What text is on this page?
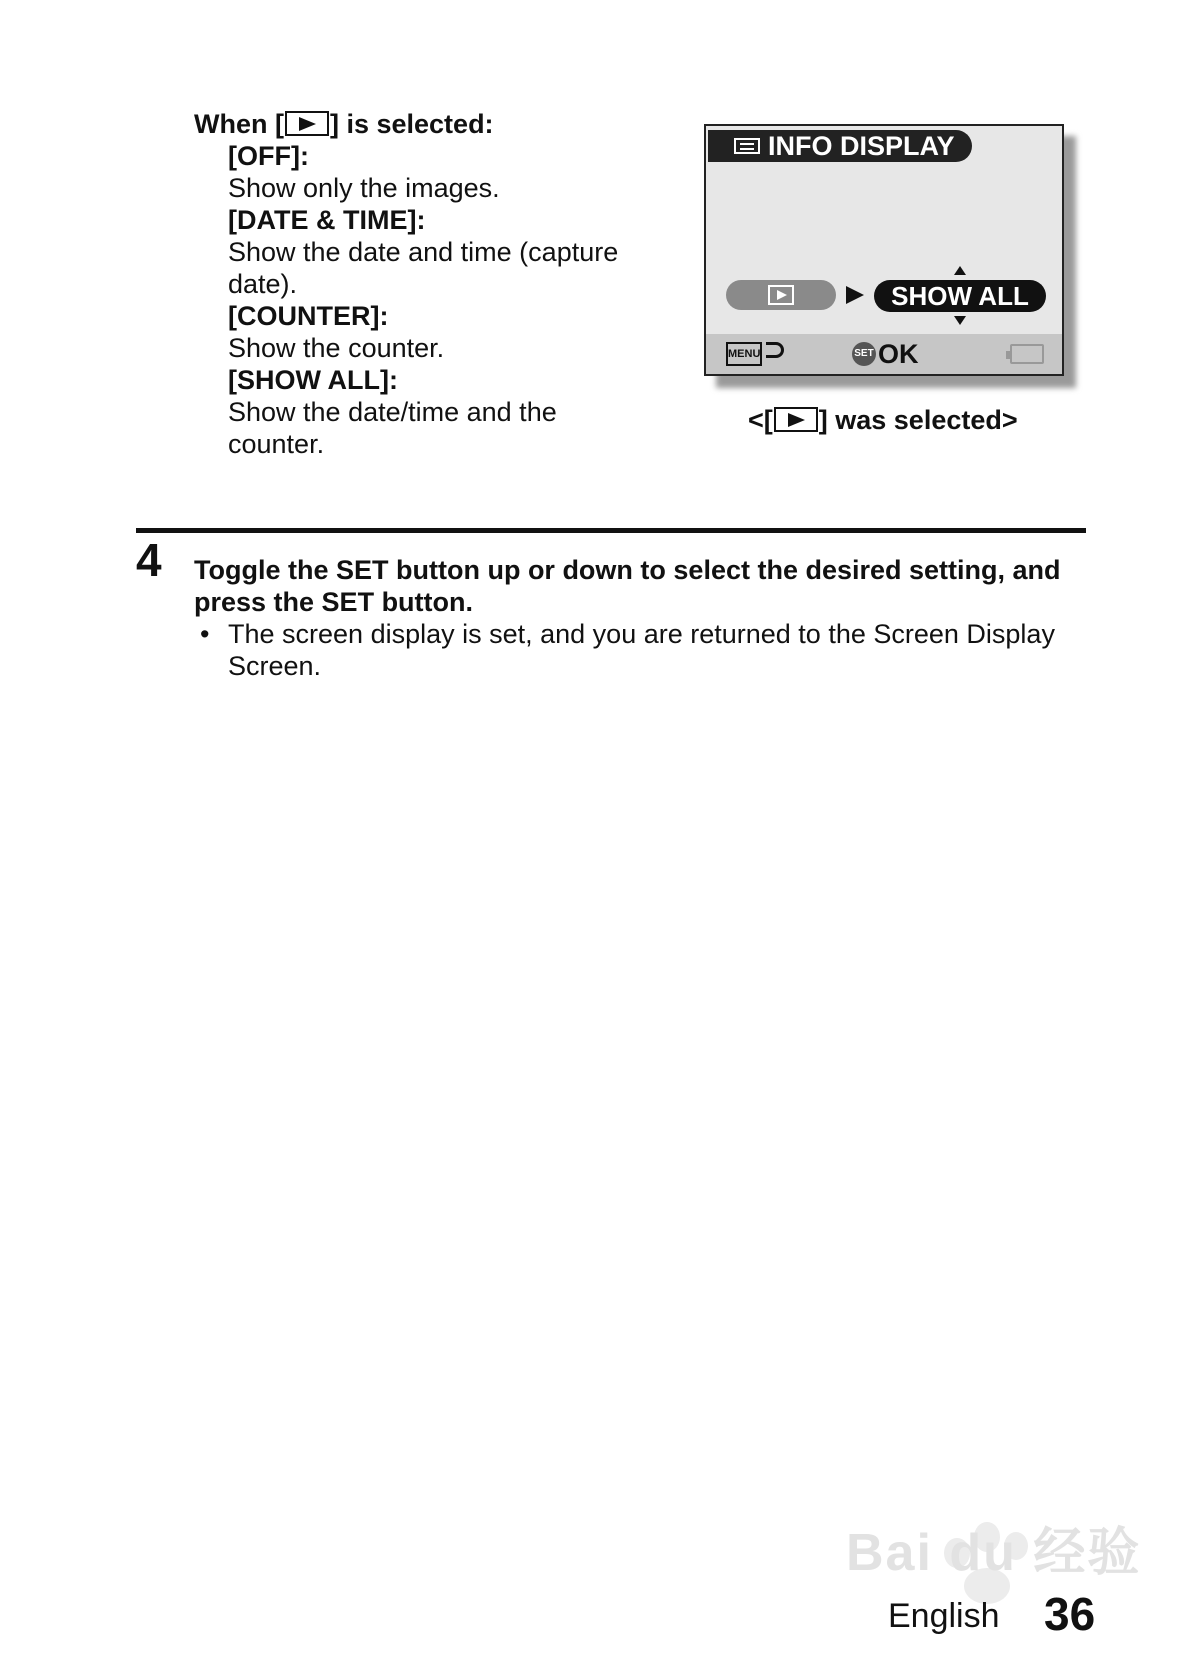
When [ ] is selected:
[OFF]:
Show only the images.
[DATE & TIME]:
Show the date and time (capture
date).
[COUNTER]:
Show the counter.
[SHOW ALL]:
Show the date/time and the
counter.
INFO DISPLAY
SHOW ALL
MENU	SET OK
<[ ] was selected>
4 Toggle the SET button up or down to select the desired setting, and
press the SET button.
• The screen display is set, and you are returned to the Screen Display
Screen.
Bai du 经验
English 36
